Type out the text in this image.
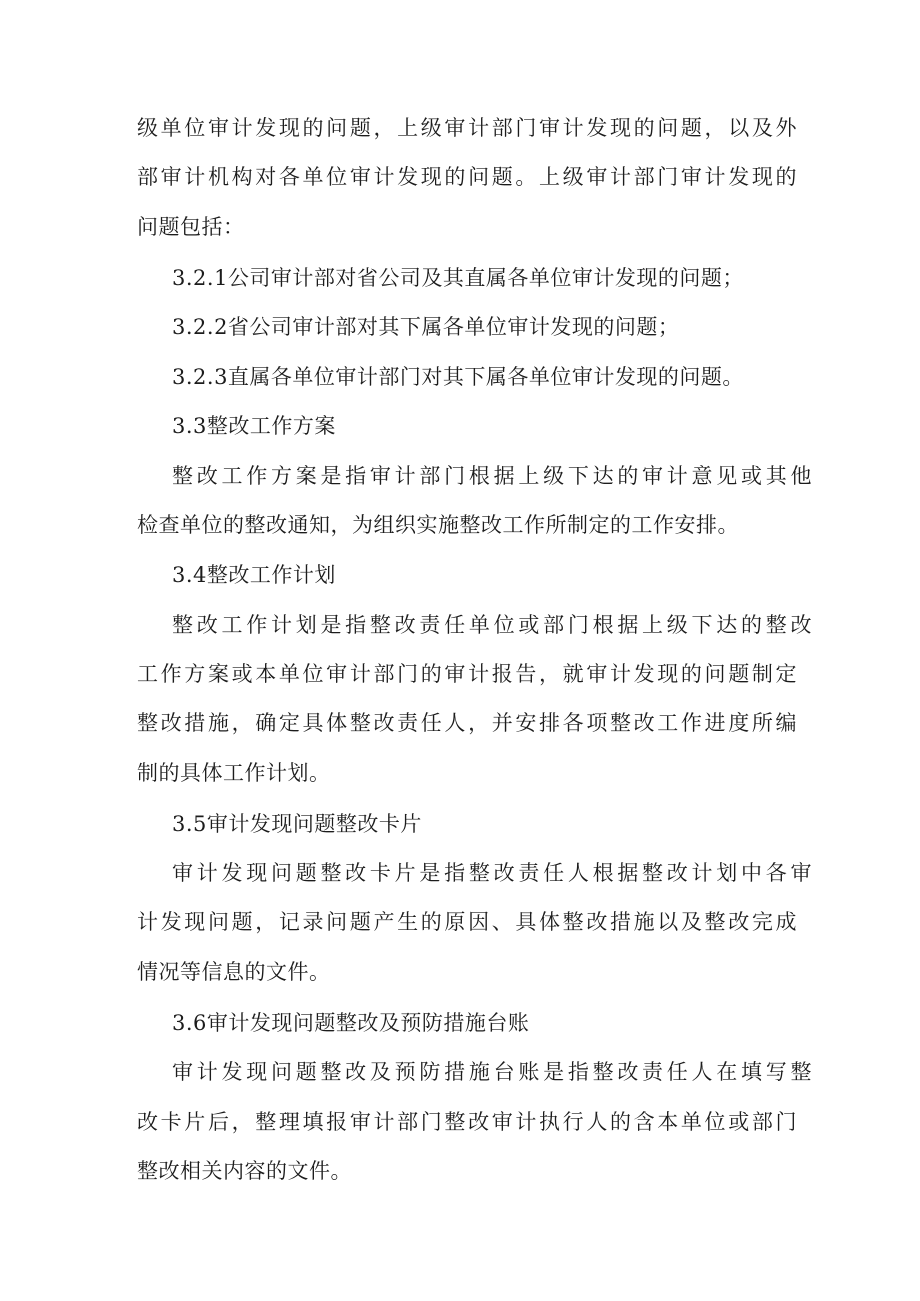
级单位审计发现的问题，上级审计部门审计发现的问题，以及外
部审计机构对各单位审计发现的问题。上级审计部门审计发现的
问题包括：
3.2.1公司审计部对省公司及其直属各单位审计发现的问题；
3.2.2省公司审计部对其下属各单位审计发现的问题；
3.2.3直属各单位审计部门对其下属各单位审计发现的问题。
3.3整改工作方案
整改工作方案是指审计部门根据上级下达的审计意见或其他
检查单位的整改通知，为组织实施整改工作所制定的工作安排。
3.4整改工作计划
整改工作计划是指整改责任单位或部门根据上级下达的整改
工作方案或本单位审计部门的审计报告，就审计发现的问题制定
整改措施，确定具体整改责任人，并安排各项整改工作进度所编
制的具体工作计划。
3.5审计发现问题整改卡片
审计发现问题整改卡片是指整改责任人根据整改计划中各审
计发现问题，记录问题产生的原因、具体整改措施以及整改完成
情况等信息的文件。
3.6审计发现问题整改及预防措施台账
审计发现问题整改及预防措施台账是指整改责任人在填写整
改卡片后，整理填报审计部门整改审计执行人的含本单位或部门
整改相关内容的文件。
